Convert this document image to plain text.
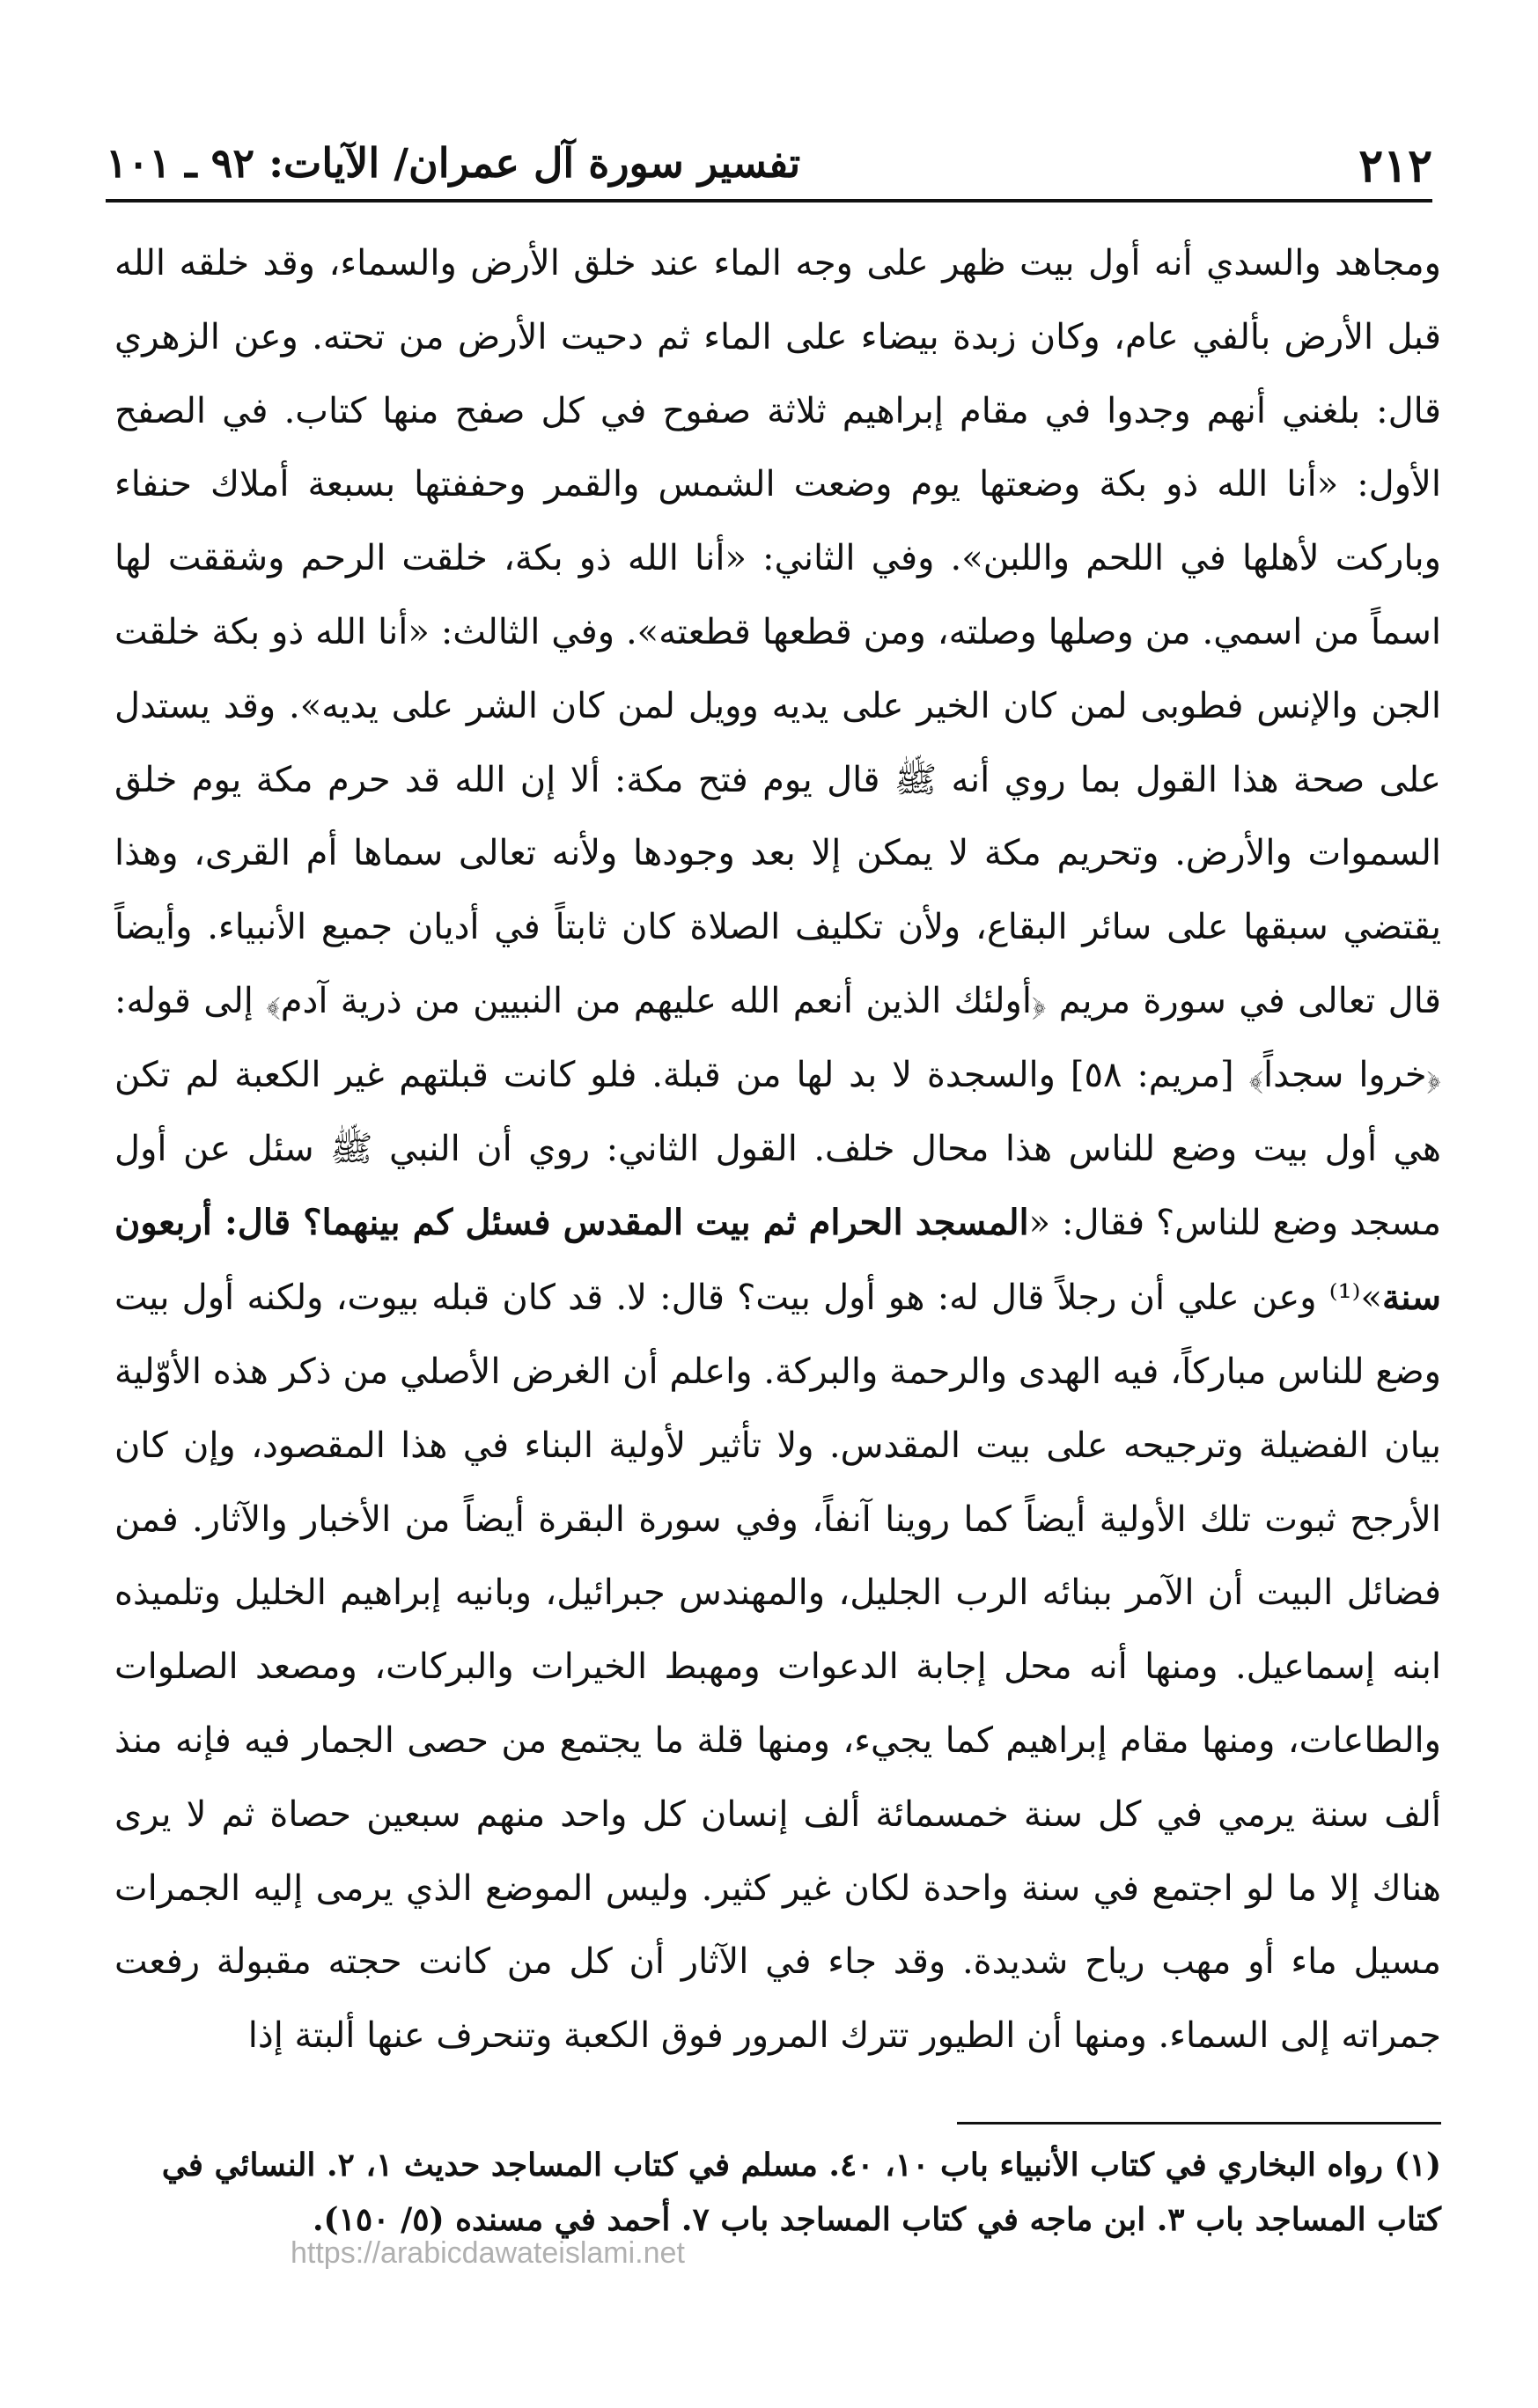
٢١٢
تفسير سورة آل عمران/ الآيات: ٩٢ ـ ١٠١

ومجاهد والسدي أنه أول بيت ظهر على وجه الماء عند خلق الأرض والسماء، وقد خلقه الله قبل الأرض بألفي عام، وكان زبدة بيضاء على الماء ثم دحيت الأرض من تحته. وعن الزهري قال: بلغني أنهم وجدوا في مقام إبراهيم ثلاثة صفوح في كل صفح منها كتاب. في الصفح الأول: «أنا الله ذو بكة وضعتها يوم وضعت الشمس والقمر وحففتها بسبعة أملاك حنفاء وباركت لأهلها في اللحم واللبن». وفي الثاني: «أنا الله ذو بكة، خلقت الرحم وشققت لها اسماً من اسمي. من وصلها وصلته، ومن قطعها قطعته». وفي الثالث: «أنا الله ذو بكة خلقت الجن والإنس فطوبى لمن كان الخير على يديه وويل لمن كان الشر على يديه». وقد يستدل على صحة هذا القول بما روي أنه ﷺ قال يوم فتح مكة: ألا إن الله قد حرم مكة يوم خلق السموات والأرض. وتحريم مكة لا يمكن إلا بعد وجودها ولأنه تعالى سماها أم القرى، وهذا يقتضي سبقها على سائر البقاع، ولأن تكليف الصلاة كان ثابتاً في أديان جميع الأنبياء. وأيضاً قال تعالى في سورة مريم ﴿أولئك الذين أنعم الله عليهم من النبيين من ذرية آدم﴾ إلى قوله: ﴿خروا سجداً﴾ [مريم: ٥٨] والسجدة لا بد لها من قبلة. فلو كانت قبلتهم غير الكعبة لم تكن هي أول بيت وضع للناس هذا محال خلف. القول الثاني: روي أن النبي ﷺ سئل عن أول مسجد وضع للناس؟ فقال: «المسجد الحرام ثم بيت المقدس فسئل كم بينهما؟ قال: أربعون سنة»⁽¹⁾ وعن علي أن رجلاً قال له: هو أول بيت؟ قال: لا. قد كان قبله بيوت، ولكنه أول بيت وضع للناس مباركاً، فيه الهدى والرحمة والبركة. واعلم أن الغرض الأصلي من ذكر هذه الأوّلية بيان الفضيلة وترجيحه على بيت المقدس. ولا تأثير لأولية البناء في هذا المقصود، وإن كان الأرجح ثبوت تلك الأولية أيضاً كما روينا آنفاً، وفي سورة البقرة أيضاً من الأخبار والآثار. فمن فضائل البيت أن الآمر ببنائه الرب الجليل، والمهندس جبرائيل، وبانيه إبراهيم الخليل وتلميذه ابنه إسماعيل. ومنها أنه محل إجابة الدعوات ومهبط الخيرات والبركات، ومصعد الصلوات والطاعات، ومنها مقام إبراهيم كما يجيء، ومنها قلة ما يجتمع من حصى الجمار فيه فإنه منذ ألف سنة يرمي في كل سنة خمسمائة ألف إنسان كل واحد منهم سبعين حصاة ثم لا يرى هناك إلا ما لو اجتمع في سنة واحدة لكان غير كثير. وليس الموضع الذي يرمى إليه الجمرات مسيل ماء أو مهب رياح شديدة. وقد جاء في الآثار أن كل من كانت حجته مقبولة رفعت جمراته إلى السماء. ومنها أن الطيور تترك المرور فوق الكعبة وتنحرف عنها ألبتة إذا

(١) رواه البخاري في كتاب الأنبياء باب ١٠، ٤٠. مسلم في كتاب المساجد حديث ١، ٢. النسائي في
كتاب المساجد باب ٣. ابن ماجه في كتاب المساجد باب ٧. أحمد في مسنده (٥/ ١٥٠).
https://arabicdawateislami.net
